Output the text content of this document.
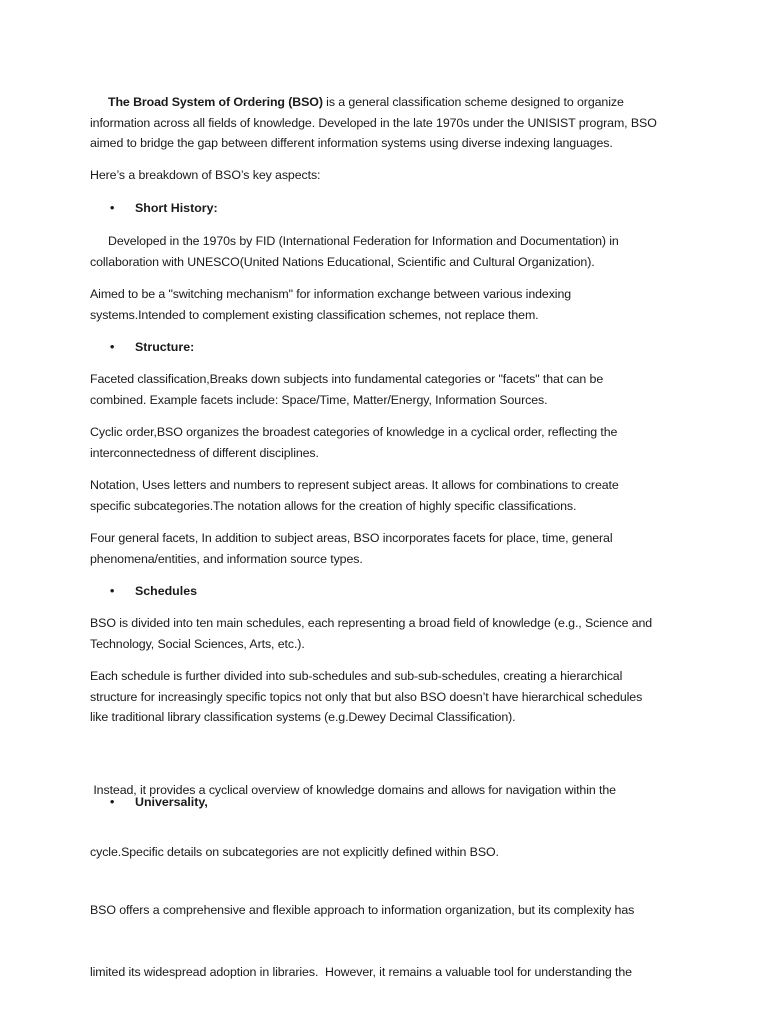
The Broad System of Ordering (BSO) is a general classification scheme designed to organize
information across all fields of knowledge. Developed in the late 1970s under the UNISIST program, BSO
aimed to bridge the gap between different information systems using diverse indexing languages.
Here’s a breakdown of BSO’s key aspects:
• Short History:
Developed in the 1970s by FID (International Federation for Information and Documentation) in
collaboration with UNESCO(United Nations Educational, Scientific and Cultural Organization).
Aimed to be a "switching mechanism" for information exchange between various indexing
systems.Intended to complement existing classification schemes, not replace them.
• Structure:
Faceted classification,Breaks down subjects into fundamental categories or "facets" that can be
combined. Example facets include: Space/Time, Matter/Energy, Information Sources.
Cyclic order,BSO organizes the broadest categories of knowledge in a cyclical order, reflecting the
interconnectedness of different disciplines.
Notation, Uses letters and numbers to represent subject areas. It allows for combinations to create
specific subcategories.The notation allows for the creation of highly specific classifications.
Four general facets, In addition to subject areas, BSO incorporates facets for place, time, general
phenomena/entities, and information source types.
• Schedules
BSO is divided into ten main schedules, each representing a broad field of knowledge (e.g., Science and
Technology, Social Sciences, Arts, etc.).
Each schedule is further divided into sub-schedules and sub-sub-schedules, creating a hierarchical
structure for increasingly specific topics not only that but also BSO doesn’t have hierarchical schedules
like traditional library classification systems (e.g.Dewey Decimal Classification).

Instead, it provides a cyclical overview of knowledge domains and allows for navigation within the

cycle.Specific details on subcategories are not explicitly defined within BSO.

• Universality,

BSO offers a comprehensive and flexible approach to information organization, but its complexity has

limited its widespread adoption in libraries.  However, it remains a valuable tool for understanding the
